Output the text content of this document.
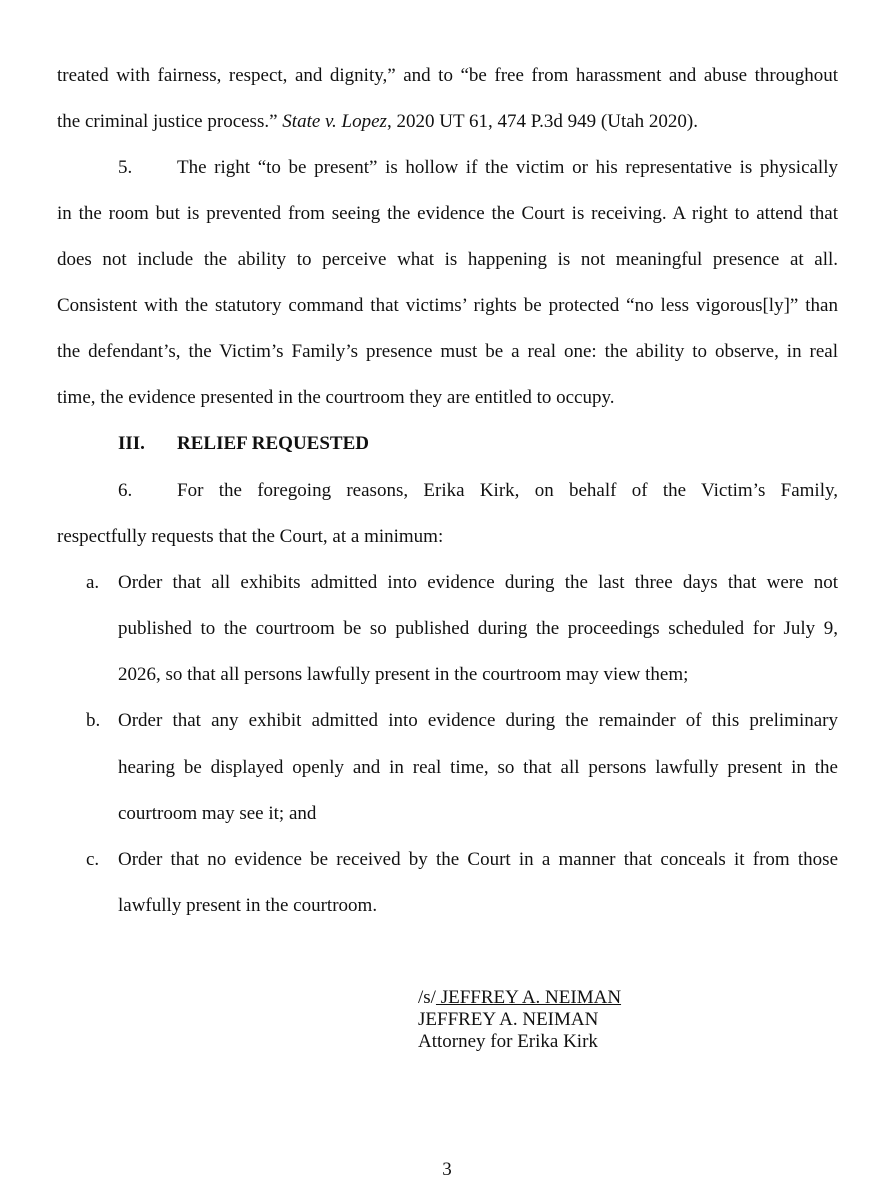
treated with fairness, respect, and dignity,” and to “be free from harassment and abuse throughout
the criminal justice process.” State v. Lopez, 2020 UT 61, 474 P.3d 949 (Utah 2020).
5. The right “to be present” is hollow if the victim or his representative is physically
in the room but is prevented from seeing the evidence the Court is receiving. A right to attend that
does not include the ability to perceive what is happening is not meaningful presence at all.
Consistent with the statutory command that victims’ rights be protected “no less vigorous[ly]” than
the defendant’s, the Victim’s Family’s presence must be a real one: the ability to observe, in real
time, the evidence presented in the courtroom they are entitled to occupy.
III. RELIEF REQUESTED
6. For the foregoing reasons, Erika Kirk, on behalf of the Victim’s Family,
respectfully requests that the Court, at a minimum:
a. Order that all exhibits admitted into evidence during the last three days that were not
published to the courtroom be so published during the proceedings scheduled for July 9,
2026, so that all persons lawfully present in the courtroom may view them;
b. Order that any exhibit admitted into evidence during the remainder of this preliminary
hearing be displayed openly and in real time, so that all persons lawfully present in the
courtroom may see it; and
c. Order that no evidence be received by the Court in a manner that conceals it from those
lawfully present in the courtroom.
/s/ JEFFREY A. NEIMAN
JEFFREY A. NEIMAN
Attorney for Erika Kirk
3
